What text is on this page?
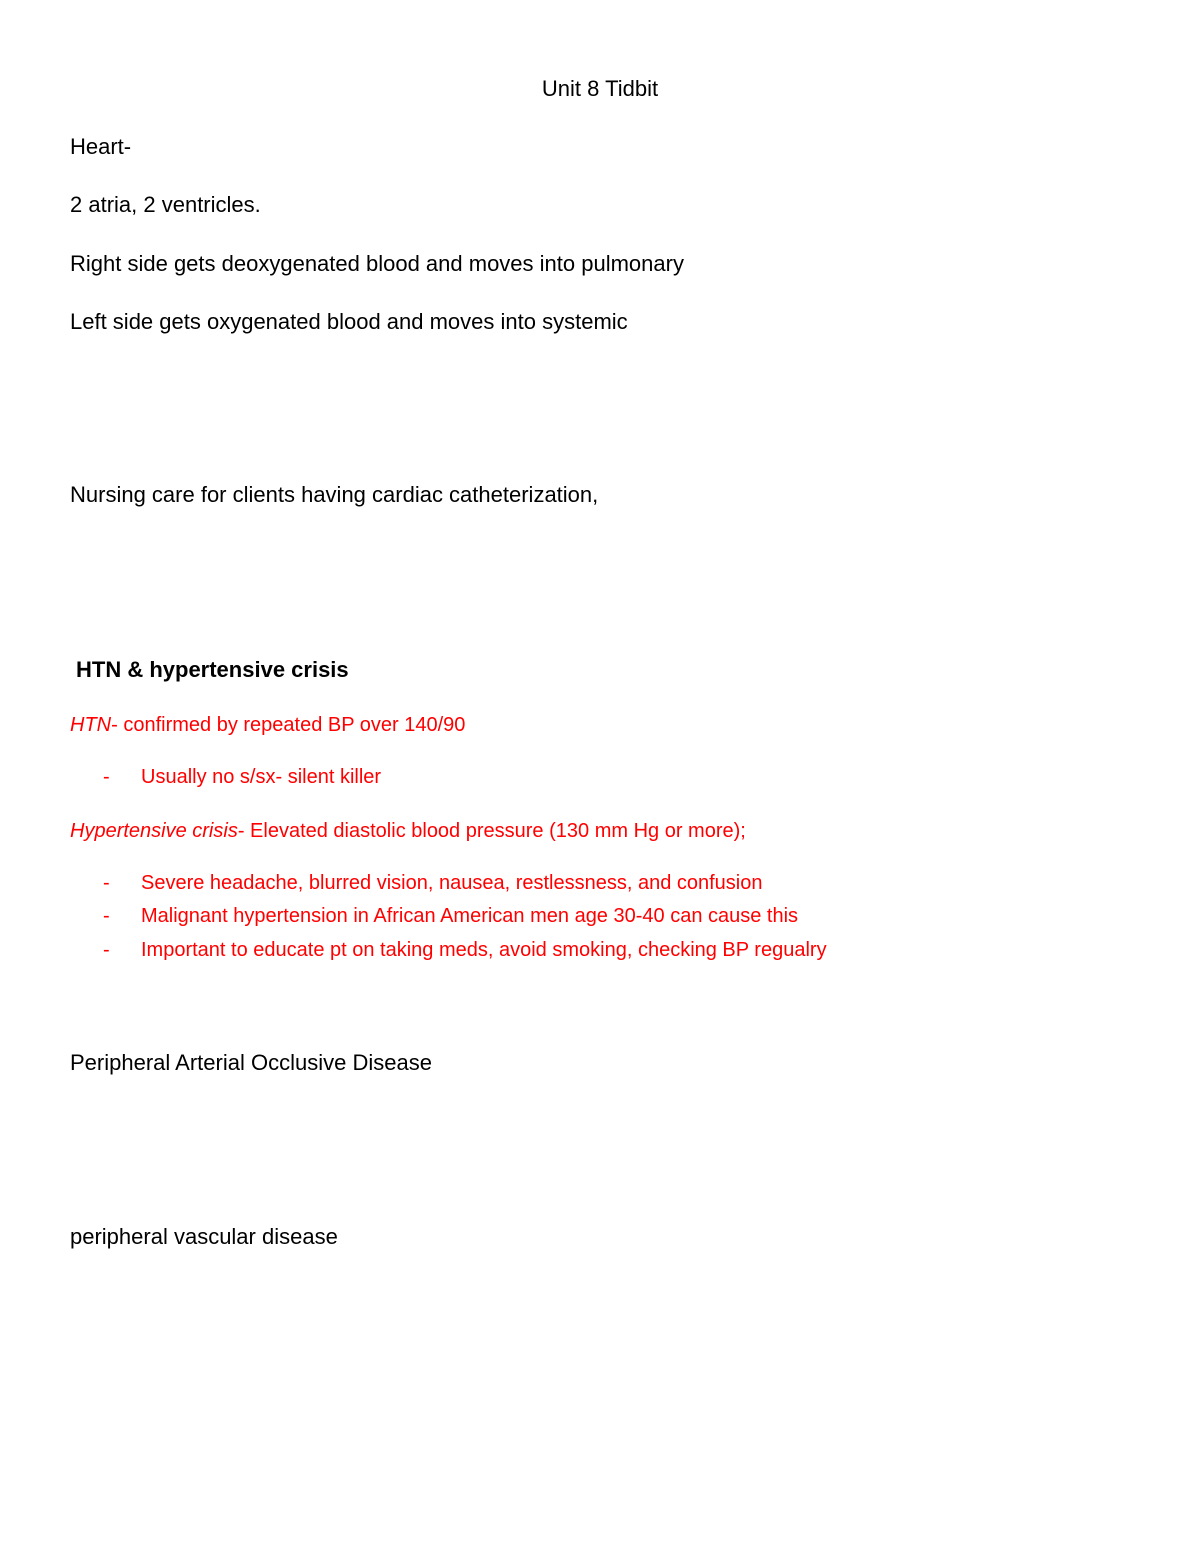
Unit 8 Tidbit
Heart-
2 atria, 2 ventricles.
Right side gets deoxygenated blood and moves into pulmonary
Left side gets oxygenated blood and moves into systemic
Nursing care for clients having cardiac catheterization,
HTN & hypertensive crisis
HTN- confirmed by repeated BP over 140/90
- Usually no s/sx- silent killer
Hypertensive crisis- Elevated diastolic blood pressure (130 mm Hg or more);
- Severe headache, blurred vision, nausea, restlessness, and confusion
- Malignant hypertension in African American men age 30-40 can cause this
- Important to educate pt on taking meds, avoid smoking, checking BP regualry
Peripheral Arterial Occlusive Disease
peripheral vascular disease
